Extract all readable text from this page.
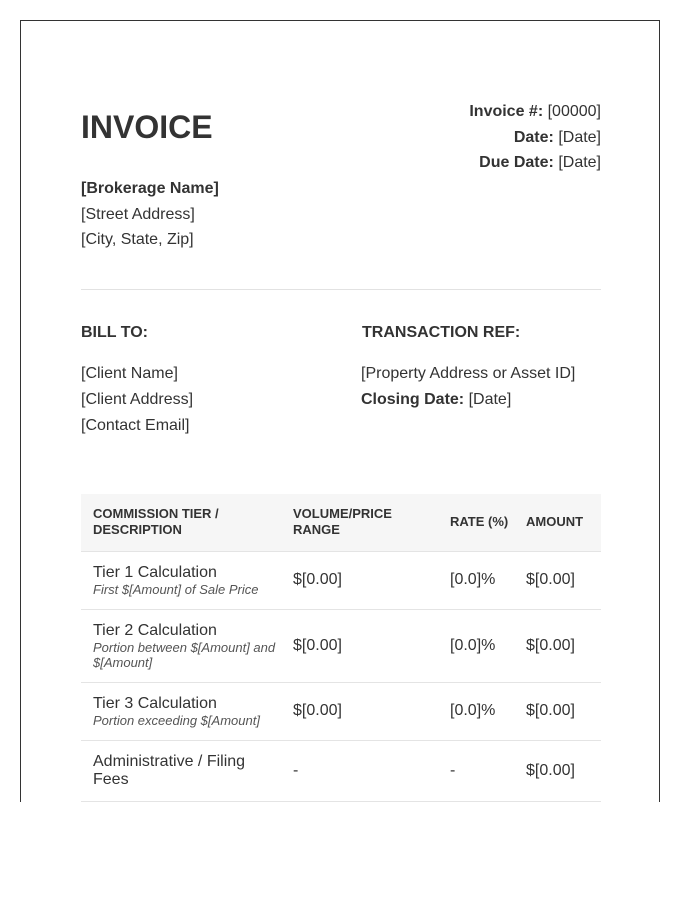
INVOICE	Invoice #: [00000]
Date: [Date]
Due Date: [Date]
[Brokerage Name]
[Street Address]
[City, State, Zip]
BILL TO:
[Client Name]
[Client Address]
[Contact Email]
TRANSACTION REF:
[Property Address or Asset ID]
Closing Date: [Date]
COMMISSION TIER / DESCRIPTION	VOLUME/PRICE RANGE	RATE (%)	AMOUNT

Tier 1 Calculation
First $[Amount] of Sale Price	$[0.00]	[0.0]%	$[0.00]

Tier 2 Calculation
Portion between $[Amount] and $[Amount]	$[0.00]	[0.0]%	$[0.00]

Tier 3 Calculation
Portion exceeding $[Amount]	$[0.00]	[0.0]%	$[0.00]

Administrative / Filing Fees	-	-	$[0.00]
